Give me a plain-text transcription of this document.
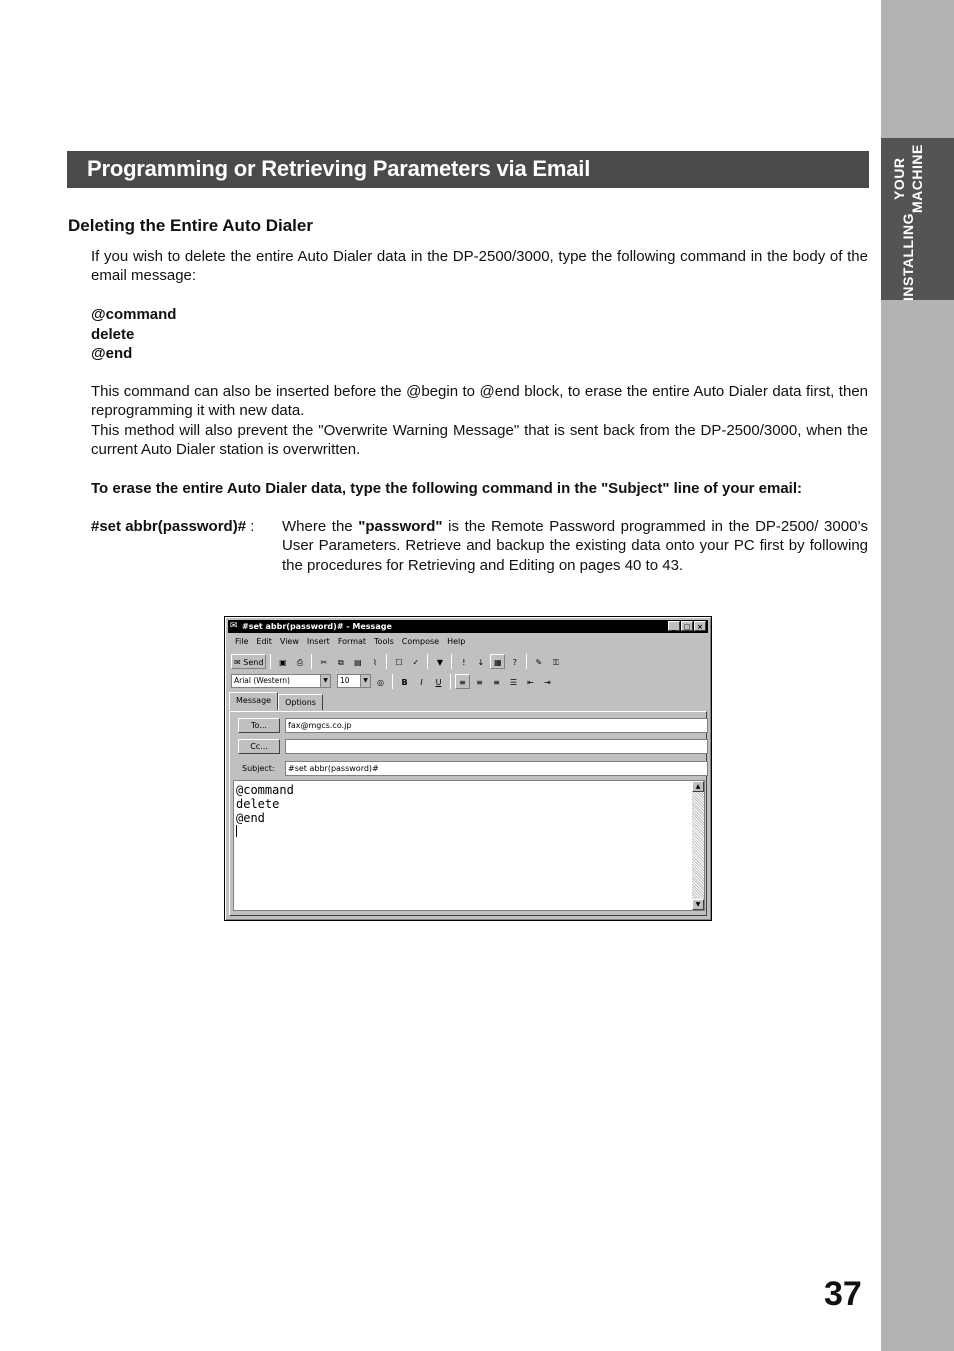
INSTALLING
YOUR MACHINE
Programming or Retrieving Parameters via Email
Deleting the Entire Auto Dialer
If you wish to delete the entire Auto Dialer data in the DP-2500/3000, type the following command in the body of the email message:
@command
delete
@end
This command can also be inserted before the @begin to @end block, to erase the entire Auto Dialer data first, then reprogramming it with new data.
This method will also prevent the "Overwrite Warning Message" that is sent back from the DP-2500/3000, when the current Auto Dialer station is overwritten.
To erase the entire Auto Dialer data, type the following command in the "Subject" line of your email:
#set abbr(password)# : Where the "password" is the Remote Password programmed in the DP-2500/ 3000’s User Parameters. Retrieve and backup the existing data onto your PC first by following the procedures for Retrieving and Editing on pages 40 to 43.
✉ #set abbr(password)# - Message	_	□ ×
File Edit View Insert Format Tools Compose Help
✉ Send	▣	⎙	✂	⧉	▤	⌇	☐	✓	▼	!	↓	▦	?	✎	⚿
Arial (Western)	▼	10	▼	◎	B	I	U	≡	≡	≡	☰	⇤	⇥
Message	Options
To...	fax@mgcs.co.jp
Cc...
Subject:	#set abbr(password)#
@command
delete
@end
▲
▼
37
